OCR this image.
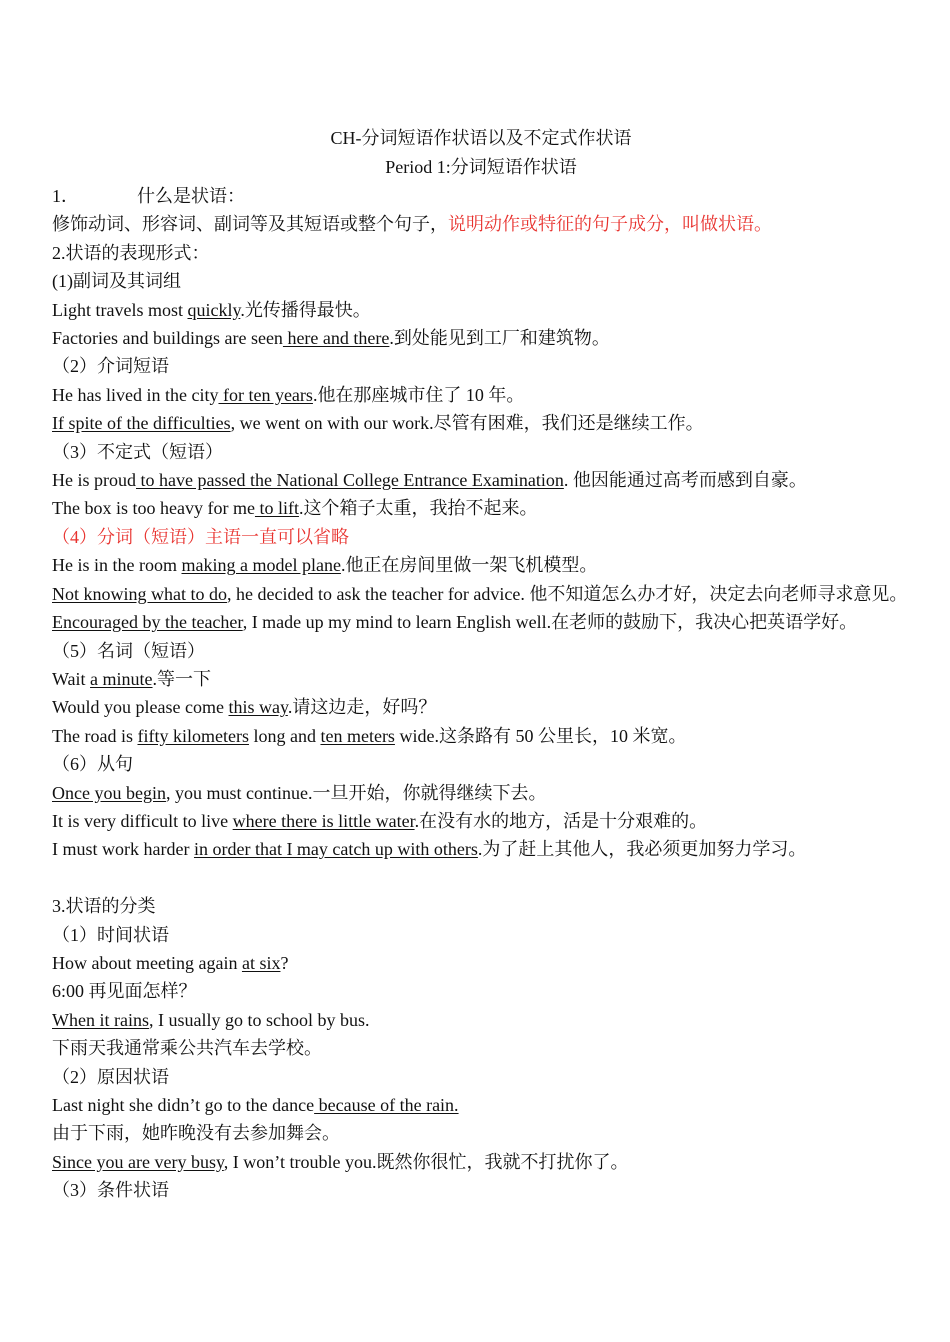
CH-分词短语作状语以及不定式作状语
Period 1:分词短语作状语
1．	什么是状语：
修饰动词、形容词、副词等及其短语或整个句子，说明动作或特征的句子成分，叫做状语。
2.状语的表现形式：
(1)副词及其词组
Light travels most quickly.光传播得最快。
Factories and buildings are seen here and there.到处能见到工厂和建筑物。
（2）介词短语
He has lived in the city for ten years.他在那座城市住了 10 年。
If spite of the difficulties, we went on with our work.尽管有困难，我们还是继续工作。
（3）不定式（短语）
He is proud to have passed the National College Entrance Examination. 他因能通过高考而感到自豪。
The box is too heavy for me to lift.这个箱子太重，我抬不起来。
（4）分词（短语）主语一直可以省略
He is in the room making a model plane.他正在房间里做一架飞机模型。
Not knowing what to do, he decided to ask the teacher for advice. 他不知道怎么办才好，决定去向老师寻求意见。
Encouraged by the teacher, I made up my mind to learn English well.在老师的鼓励下，我决心把英语学好。
（5）名词（短语）
Wait a minute.等一下
Would you please come this way.请这边走，好吗？
The road is fifty kilometers long and ten meters wide.这条路有 50 公里长，10 米宽。
（6）从句
Once you begin, you must continue.一旦开始，你就得继续下去。
It is very difficult to live where there is little water.在没有水的地方，活是十分艰难的。
I must work harder in order that I may catch up with others.为了赶上其他人，我必须更加努力学习。
3.状语的分类
（1）时间状语
How about meeting again at six?
6:00 再见面怎样？
When it rains, I usually go to school by bus.
下雨天我通常乘公共汽车去学校。
（2）原因状语
Last night she didn’t go to the dance because of the rain.
由于下雨，她昨晚没有去参加舞会。
Since you are very busy, I won’t trouble you.既然你很忙，我就不打扰你了。
（3）条件状语
